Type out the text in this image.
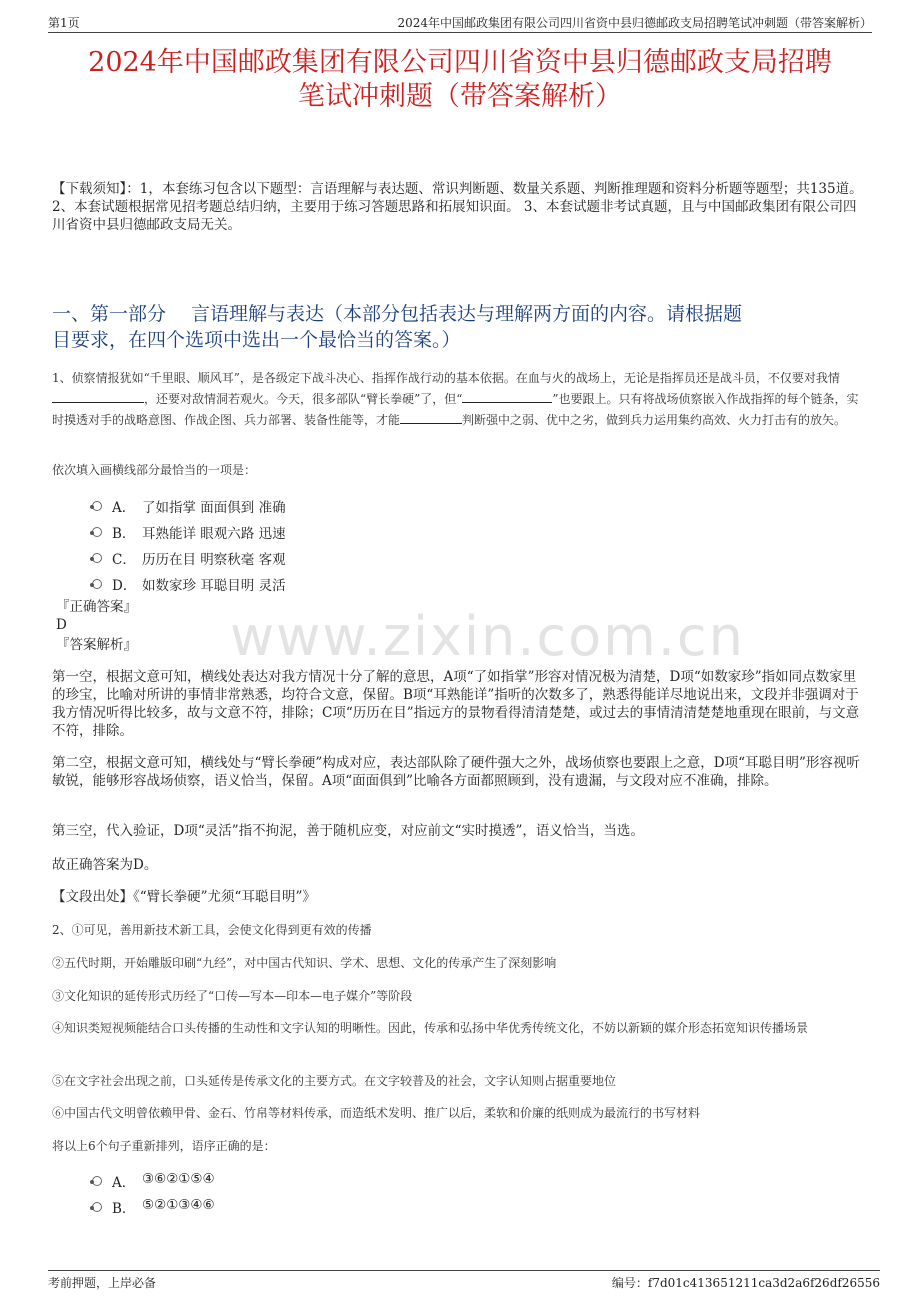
第1页	2024年中国邮政集团有限公司四川省资中县归德邮政支局招聘笔试冲刺题（带答案解析）
2024年中国邮政集团有限公司四川省资中县归德邮政支局招聘
笔试冲刺题（带答案解析）
【下载须知】：1，本套练习包含以下题型：言语理解与表达题、常识判断题、数量关系题、判断推理题和资料分析题等题型；共135道。 2、本套试题根据常见招考题总结归纳，主要用于练习答题思路和拓展知识面。 3、本套试题非考试真题，且与中国邮政集团有限公司四川省资中县归德邮政支局无关。
一、第一部分　 言语理解与表达（本部分包括表达与理解两方面的内容。请根据题
目要求，在四个选项中选出一个最恰当的答案。）
1、侦察情报犹如“千里眼、顺风耳”，是各级定下战斗决心、指挥作战行动的基本依据。在血与火的战场上，无论是指挥员还是战斗员，不仅要对我情，还要对敌情洞若观火。今天，很多部队“臂长拳硬”了，但“	”也要跟上。只有将战场侦察嵌入作战指挥的每个链条，实时摸透对手的战略意图、作战企图、兵力部署、装备性能等，才能	判断强中之弱、优中之劣，做到兵力运用集约高效、火力打击有的放矢。
依次填入画横线部分最恰当的一项是：
A． 了如指掌 面面俱到 准确
B． 耳熟能详 眼观六路 迅速
C． 历历在目 明察秋毫 客观
D． 如数家珍 耳聪目明 灵活
www.zixin.com.cn
『正确答案』
D
『答案解析』
第一空，根据文意可知，横线处表达对我方情况十分了解的意思，A项“了如指掌”形容对情况极为清楚，D项“如数家珍”指如同点数家里的珍宝，比喻对所讲的事情非常熟悉，均符合文意，保留。B项“耳熟能详”指听的次数多了，熟悉得能详尽地说出来，文段并非强调对于我方情况听得比较多，故与文意不符，排除；C项“历历在目”指远方的景物看得清清楚楚，或过去的事情清清楚楚地重现在眼前，与文意不符，排除。
第二空，根据文意可知，横线处与“臂长拳硬”构成对应，表达部队除了硬件强大之外，战场侦察也要跟上之意，D项“耳聪目明”形容视听敏锐，能够形容战场侦察，语义恰当，保留。A项“面面俱到”比喻各方面都照顾到，没有遗漏，与文段对应不准确，排除。
第三空，代入验证，D项“灵活”指不拘泥，善于随机应变，对应前文“实时摸透”，语义恰当，当选。
故正确答案为D。
【文段出处】《“臂长拳硬”尤须“耳聪目明”》
2、①可见，善用新技术新工具，会使文化得到更有效的传播
②五代时期，开始雕版印刷“九经”，对中国古代知识、学术、思想、文化的传承产生了深刻影响
③文化知识的延传形式历经了“口传—写本—印本—电子媒介”等阶段
④知识类短视频能结合口头传播的生动性和文字认知的明晰性。因此，传承和弘扬中华优秀传统文化，不妨以新颖的媒介形态拓宽知识传播场景
⑤在文字社会出现之前，口头延传是传承文化的主要方式。在文字较普及的社会，文字认知则占据重要地位
⑥中国古代文明曾依赖甲骨、金石、竹帛等材料传承，而造纸术发明、推广以后，柔软和价廉的纸则成为最流行的书写材料
将以上6个句子重新排列，语序正确的是：
A． ③⑥②①⑤④
B． ⑤②①③④⑥
考前押题，上岸必备	编号：f7d01c413651211ca3d2a6f26df26556
